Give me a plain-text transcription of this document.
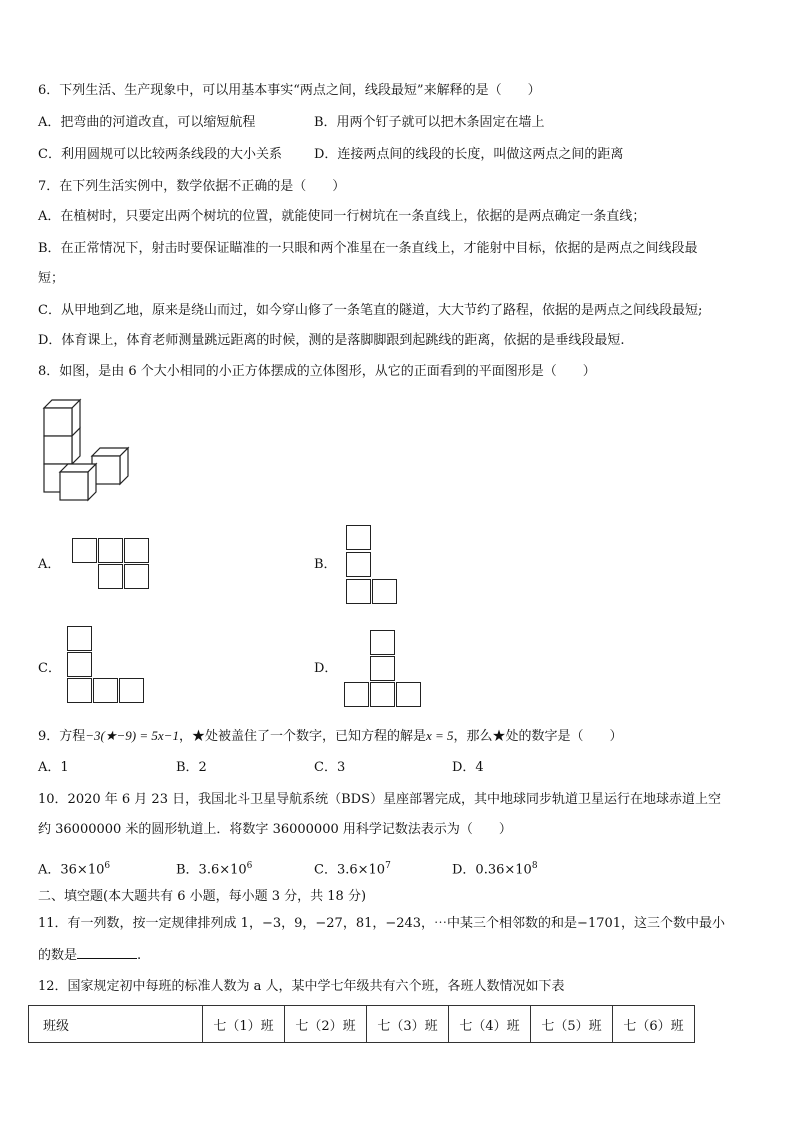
6．下列生活、生产现象中，可以用基本事实“两点之间，线段最短”来解释的是（　　）
A．把弯曲的河道改直，可以缩短航程	B．用两个钉子就可以把木条固定在墙上
C．利用圆规可以比较两条线段的大小关系 D．连接两点间的线段的长度，叫做这两点之间的距离
7．在下列生活实例中，数学依据不正确的是（　　）
A．在植树时，只要定出两个树坑的位置，就能使同一行树坑在一条直线上，依据的是两点确定一条直线；
B．在正常情况下，射击时要保证瞄准的一只眼和两个准星在一条直线上，才能射中目标，依据的是两点之间线段最
短；
C．从甲地到乙地，原来是绕山而过，如今穿山修了一条笔直的隧道，大大节约了路程，依据的是两点之间线段最短;
D．体育课上，体育老师测量跳远距离的时候，测的是落脚脚跟到起跳线的距离，依据的是垂线段最短.
8．如图，是由 6 个大小相同的小正方体摆成的立体图形，从它的正面看到的平面图形是（　　）
A．	B．
C．	D．
9．方程−3(★−9) = 5x−1，★处被盖住了一个数字，已知方程的解是x = 5，那么★处的数字是（　　）
A．1	B．2	C．3	D．4
10．2020 年 6 月 23 日，我国北斗卫星导航系统（BDS）星座部署完成，其中地球同步轨道卫星运行在地球赤道上空
约 36000000 米的圆形轨道上．将数字 36000000 用科学记数法表示为（　　）
A．$36\times 10^6$	B．$3.6\times 10^6$	C．$3.6\times 10^7$	D．$0.36\times 10^8$
二、填空题(本大题共有 6 小题，每小题 3 分，共 18 分)
11．有一列数，按一定规律排列成 1，−3，9，−27，81，−243，⋯中某三个相邻数的和是−1701，这三个数中最小
的数是	.
12．国家规定初中每班的标准人数为 a 人，某中学七年级共有六个班，各班人数情况如下表
班级	七（1）班	七（2）班	七（3）班	七（4）班	七（5）班	七（6）班
